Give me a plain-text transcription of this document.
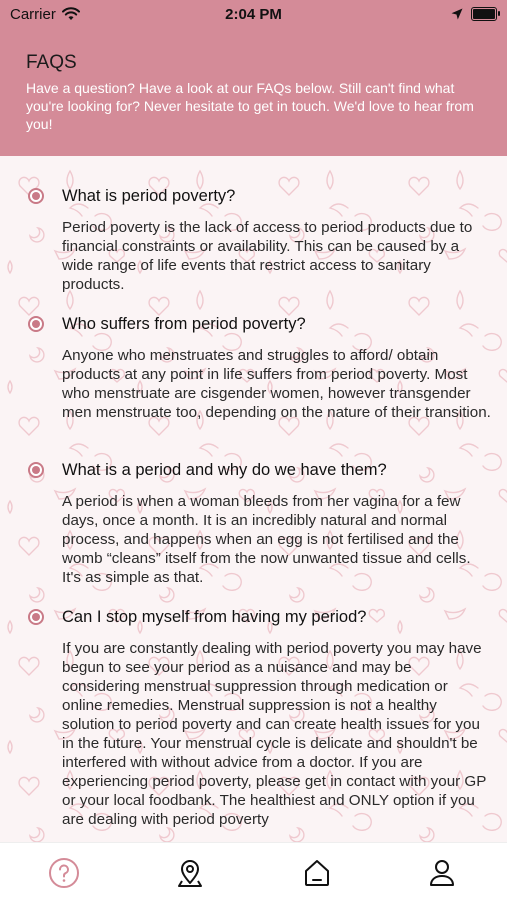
FAQS
Have a question? Have a look at our FAQs below. Still can't find what you're looking for? Never hesitate to get in touch. We'd love to hear from you!
Carrier	2:04 PM
What is period poverty?
Period poverty is the lack of access to period products due to financial constraints or availability. This can be caused by a wide range of life events that restrict access to sanitary products.
Who suffers from period poverty?
Anyone who menstruates and struggles to afford/ obtain products at any point in life suffers from period poverty. Most who menstruate are cisgender women, however transgender men menstruate too, depending on the nature of their transition.
What is a period and why do we have them?
A period is when a woman bleeds from her vagina for a few days, once a month. It is an incredibly natural and normal process, and happens when an egg is not fertilised and the womb “cleans” itself from the now unwanted tissue and cells. It's as simple as that.
Can I stop myself from having my period?
If you are constantly dealing with period poverty you may have begun to see your period as a nuisance and may be considering menstrual suppression through medication or online remedies. Menstrual suppression is not a healthy solution to period poverty and can create health issues for you in the future. Your menstrual cycle is delicate and shouldn't be interfered with without advice from a doctor. If you are experiencing period poverty, please get in contact with your GP or your local foodbank. The healthiest and ONLY option if you are dealing with period poverty
